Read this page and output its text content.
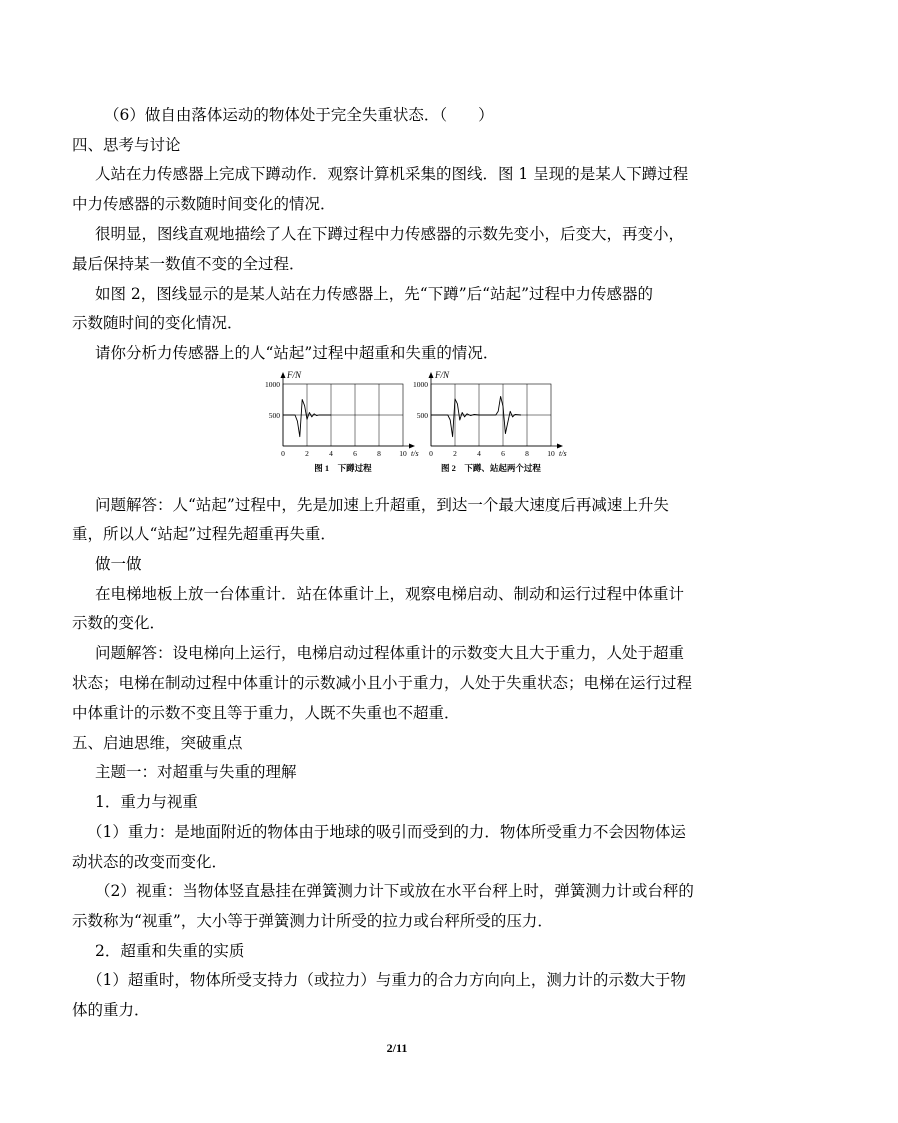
（6）做自由落体运动的物体处于完全失重状态．（　　）
四、思考与讨论
人站在力传感器上完成下蹲动作．观察计算机采集的图线．图 1 呈现的是某人下蹲过程
中力传感器的示数随时间变化的情况．
很明显，图线直观地描绘了人在下蹲过程中力传感器的示数先变小，后变大，再变小，
最后保持某一数值不变的全过程．
如图 2，图线显示的是某人站在力传感器上，先“下蹲”后“站起”过程中力传感器的
示数随时间的变化情况．
请你分析力传感器上的人“站起”过程中超重和失重的情况．
F/N
t/s
1000
500
0	2	4	6	8 10
图 1　下蹲过程
F/N
t/s
1000
500
0	2	4	6	8 10
图 2　下蹲、站起两个过程
问题解答：人“站起”过程中，先是加速上升超重，到达一个最大速度后再减速上升失
重，所以人“站起”过程先超重再失重．
做一做
在电梯地板上放一台体重计．站在体重计上，观察电梯启动、制动和运行过程中体重计
示数的变化．
问题解答：设电梯向上运行，电梯启动过程体重计的示数变大且大于重力，人处于超重
状态；电梯在制动过程中体重计的示数减小且小于重力，人处于失重状态；电梯在运行过程
中体重计的示数不变且等于重力，人既不失重也不超重．
五、启迪思维，突破重点
主题一：对超重与失重的理解
1．重力与视重
（1）重力：是地面附近的物体由于地球的吸引而受到的力．物体所受重力不会因物体运
动状态的改变而变化．
（2）视重：当物体竖直悬挂在弹簧测力计下或放在水平台秤上时，弹簧测力计或台秤的
示数称为“视重”，大小等于弹簧测力计所受的拉力或台秤所受的压力．
2．超重和失重的实质
（1）超重时，物体所受支持力（或拉力）与重力的合力方向向上，测力计的示数大于物
体的重力．
2/11
